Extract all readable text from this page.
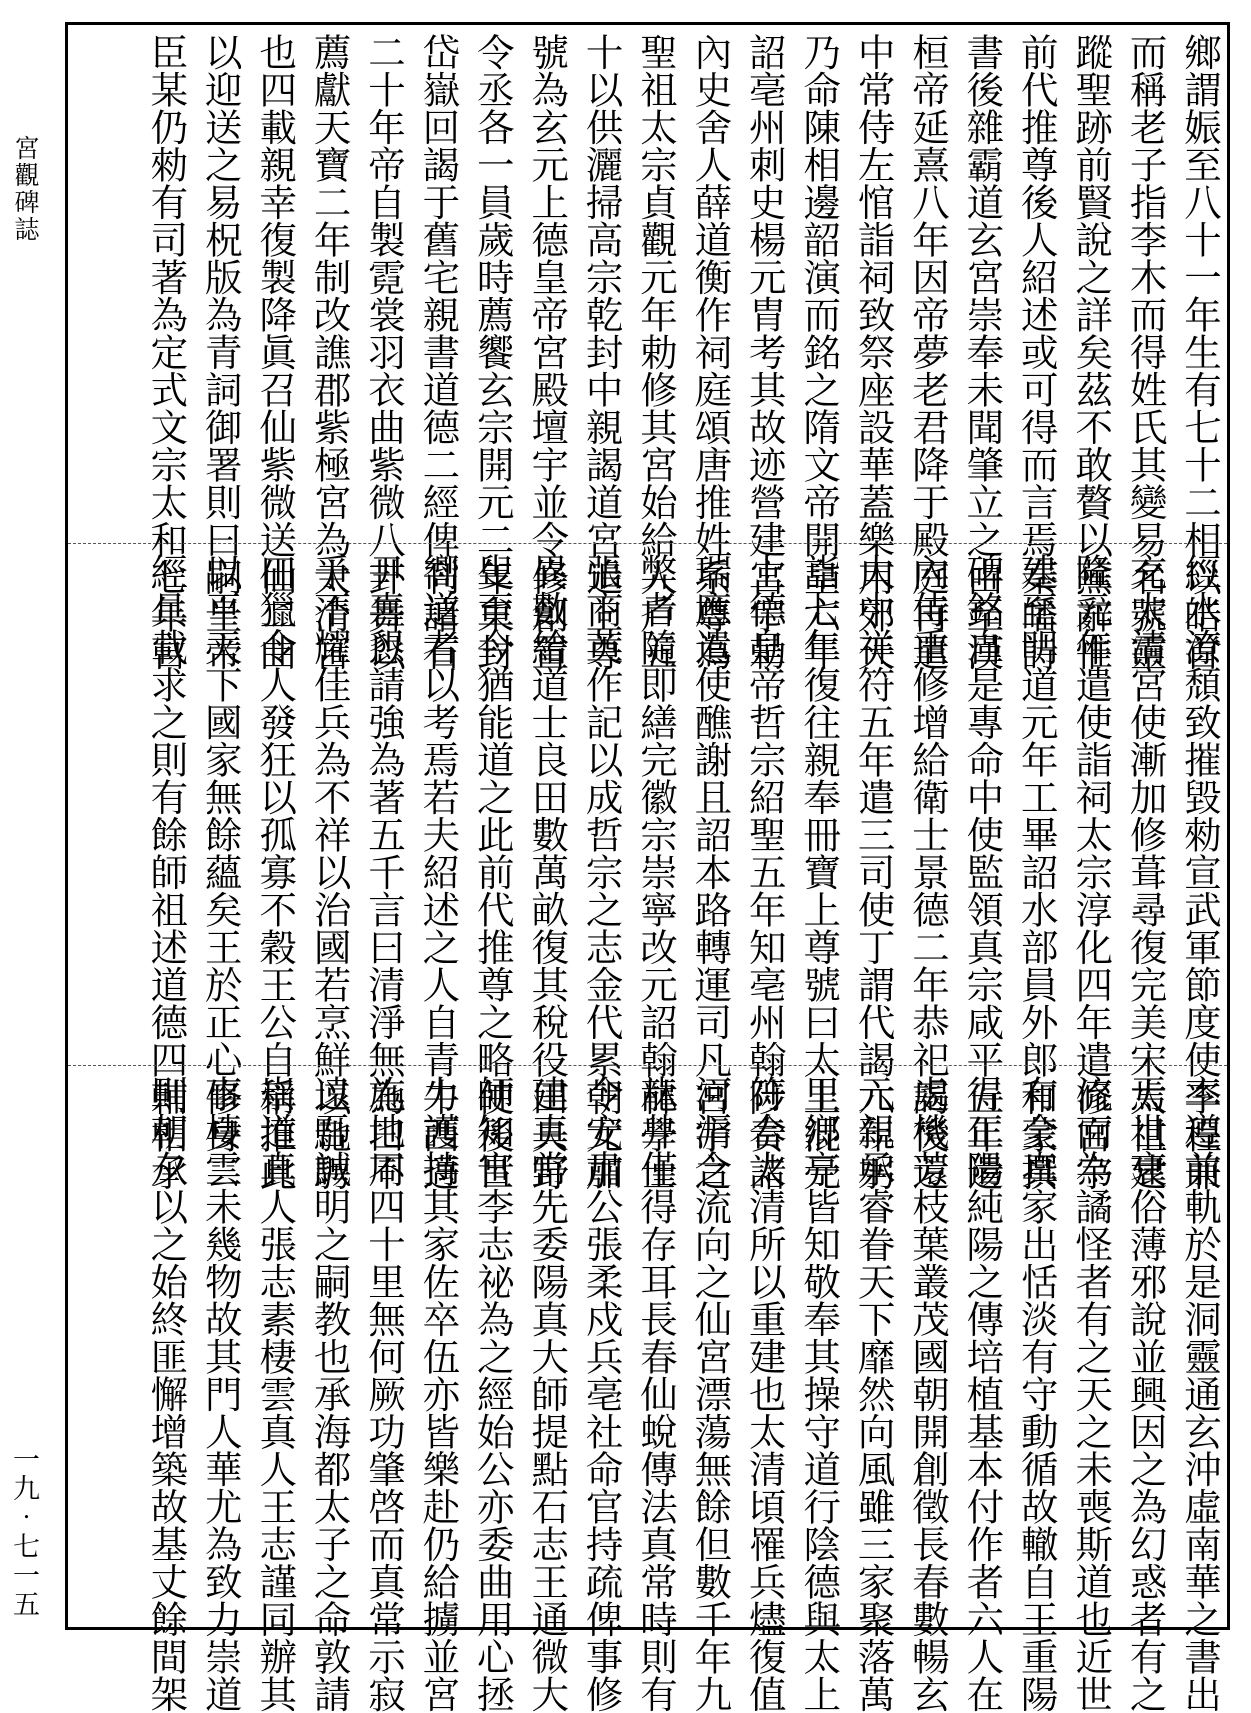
宮觀碑誌
一九‧七一五
鄉謂娠至八十一年生有七十二相以皓首
而稱老子指李木而得姓氏其變易名號靈
蹤聖跡前賢說之詳矣茲不敢贅以蕪辭惟
前代推尊後人紹述或可得而言焉秦皤詩
書後雜霸道玄宮崇奉未聞肇立之由至漢
桓帝延熹八年因帝夢老君降于殿庭再遣
中常侍左悺詣祠致祭座設華蓋樂用郊天
乃命陳相邊韶演而銘之隋文帝開皇六年
詔亳州刺史楊元胄考其故迹營建宮宇勅
內史舍人薛道衡作祠庭頌唐推姓系尊為
聖祖太宗貞觀元年勅修其宮始給人戶五
十以供灑掃高宗乾封中親謁道宮追上尊
號為玄元上德皇帝宮殿壇宇並令修創置
令丞各一員歲時薦饗玄宗開元二年東封
岱嶽回謁于舊宅親書道德二經俾刊諸石
二十年帝自製霓裳羽衣曲紫微八卦舞以
薦獻天寶二年制改譙郡紫極宮為太清宮
也四載親幸復製降眞召仙紫微送仙二曲
以迎送之易柷版為青詞御署則曰嗣皇帝
臣某仍勑有司著為定式文宗太和七年宮
經水潦頹致摧毀勑宣武軍節度使李程兼
充太清宮使漸加修葺尋復完美宋太祖建
隆元年遣使詣祠太宗淳化四年遣修宮宇
建至明道元年工畢詔水部員外郎和蒙撰
碑銘自是專命中使監領真宗咸平五年遣
內侍重修增給衛士景德二年恭祀謁後還
大中祥符五年遣三司使丁謂代謁六年躬
詣七年復往親奉冊寶上尊號曰太上混元
上德皇帝哲宗紹聖五年知亳州翰陟奏諸
瑞應遣使醮謝且詔本路轉運司凡宮宇之
弊者隨即繕完徽宗崇寧改元詔翰林學士
張商英作記以成哲宗之志金代累朝尤加
異數給道士良田數萬畝復其稅役田夫野
叟至今猶能道之此前代推尊之略使後世
嚮道者以考焉若夫紹述之人自青牛西邁
尹喜懇請強為著五千言曰清淨無為曰不
爭不耀佳兵為不祥以治國若烹鮮以馳騁
田獵令人發狂以孤寡不穀王公自稱推此
以平天下國家無餘蘊矣王於正心修身二
經具載求之則有餘師祖述道德四輔相承
率遵前軌於是洞靈通玄沖虛南華之書出
焉世衰俗薄邪說並興因之為幻惑者有之
流而為譎怪者有之天之未喪斯道也近世
有全真家出恬淡有守動循故轍自王重陽
得正陽純陽之傳培植基本付作者六人在
處機芳枝葉叢茂國朝開創徵長春數暢玄
元親承睿眷天下靡然向風雖三家聚落萬
里鄉亭皆知敬奉其操守道行陰德與太上
符合太清所以重建也太清頃罹兵燼復值
河漘合流向之仙宮漂蕩無餘但數千年九
龍井僅得存耳長春仙蛻傳法真常時則有
令安肅公張柔戍兵亳社命官持疏俾事修
建真常先委陽真大師提點石志王通微大
師知宮李志祕為之經始公亦委曲用心拯
力護持其家佐卒伍亦皆樂赴仍給擄並宮
施地周四十里無何厥功肇啓而真常示寂
遠吾誠明之嗣教也承海都太子之命敦請
崇道真人張志素棲雲真人王志謹同辦其
事棲雲未幾物故其門人華尤為致力崇道
則朝夕以之始終匪懈增築故基丈餘間架
